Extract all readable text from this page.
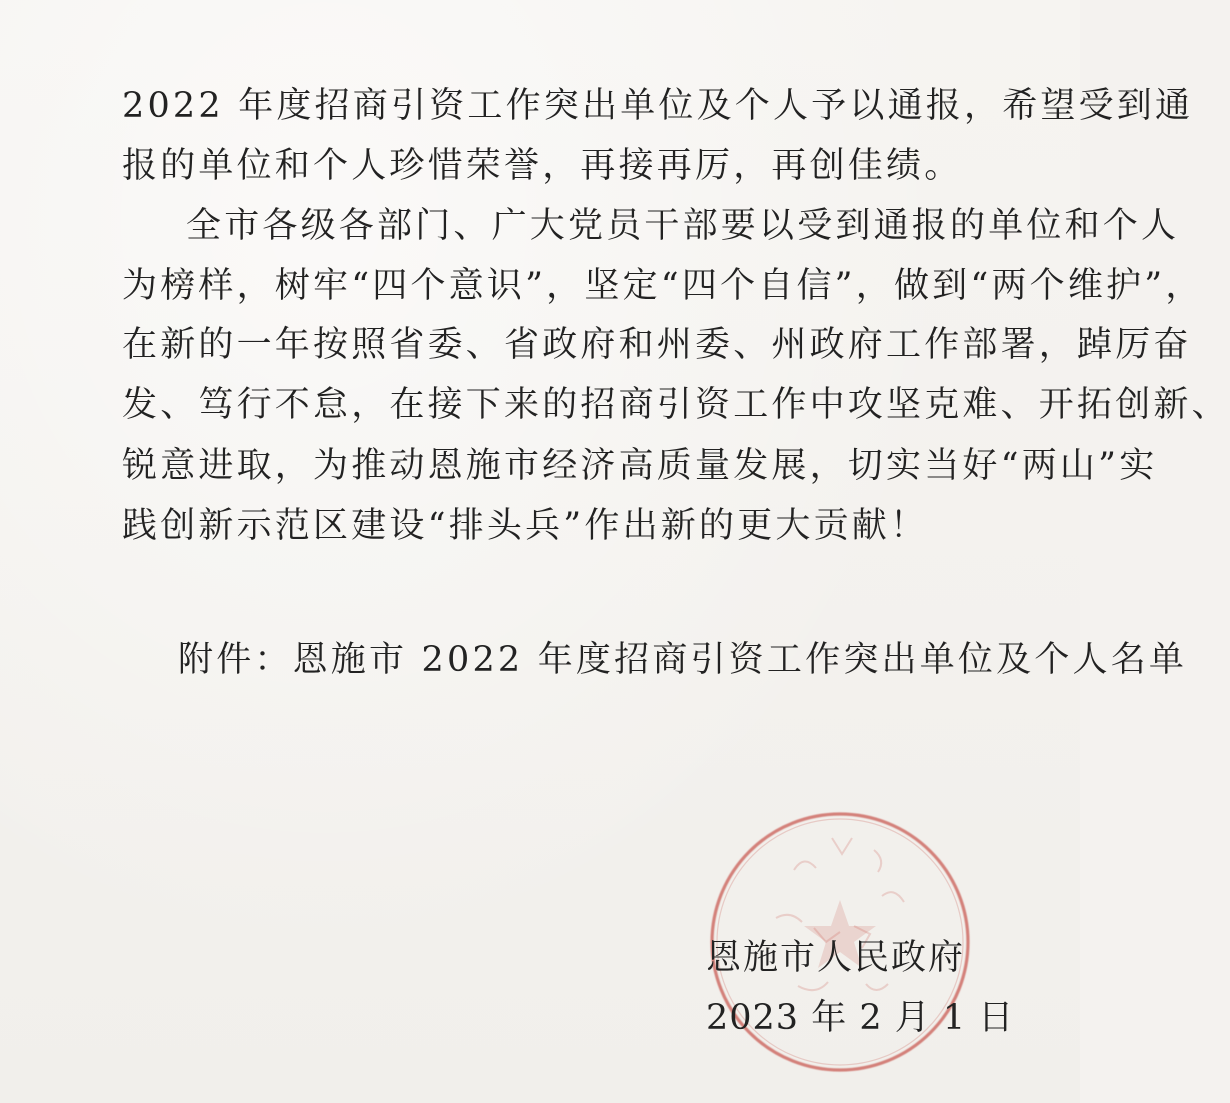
2022 年度招商引资工作突出单位及个人予以通报，希望受到通
报的单位和个人珍惜荣誉，再接再厉，再创佳绩。
全市各级各部门、广大党员干部要以受到通报的单位和个人
为榜样，树牢“四个意识”，坚定“四个自信”，做到“两个维护”，
在新的一年按照省委、省政府和州委、州政府工作部署，踔厉奋
发、笃行不怠，在接下来的招商引资工作中攻坚克难、开拓创新、
锐意进取，为推动恩施市经济高质量发展，切实当好“两山”实
践创新示范区建设“排头兵”作出新的更大贡献！
附件：恩施市 2022 年度招商引资工作突出单位及个人名单
恩施市人民政府
2023 年 2 月 1 日
